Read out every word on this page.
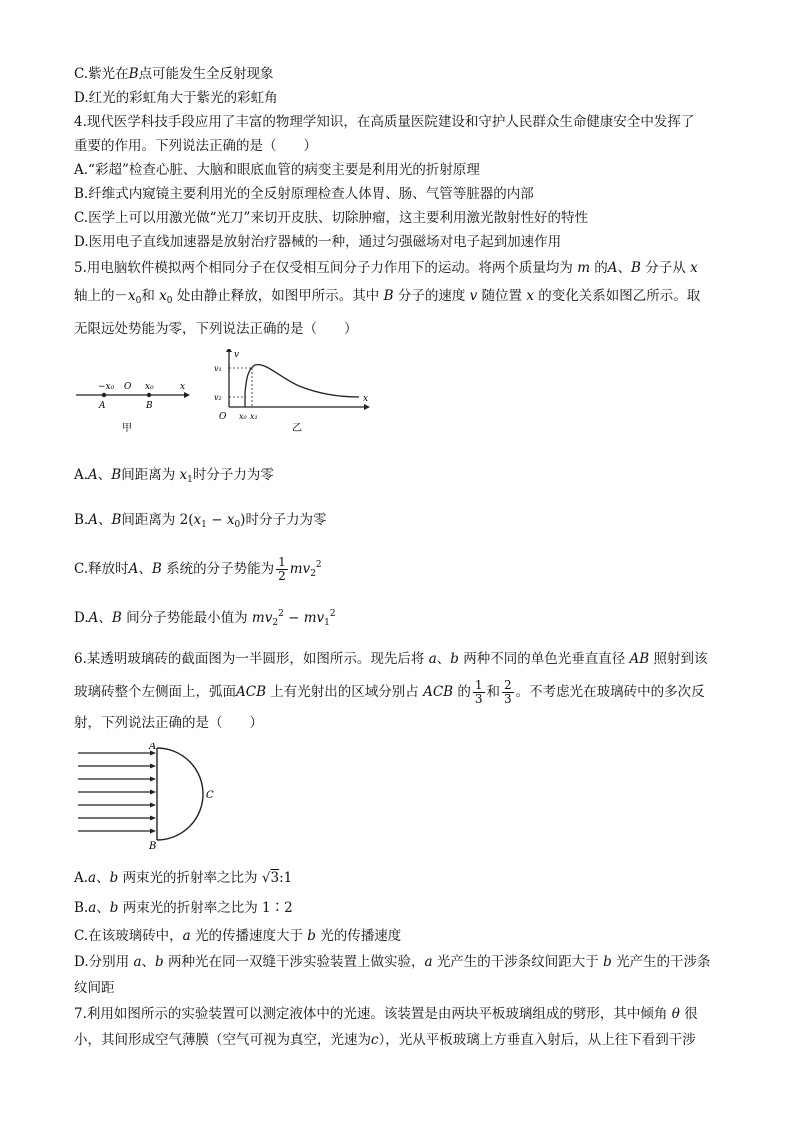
C.紫光在B点可能发生全反射现象
D.红光的彩虹角大于紫光的彩虹角
4.现代医学科技手段应用了丰富的物理学知识，在高质量医院建设和守护人民群众生命健康安全中发挥了
重要的作用。下列说法正确的是（　　）
A.“彩超”检查心脏、大脑和眼底血管的病变主要是利用光的折射原理
B.纤维式内窥镜主要利用光的全反射原理检查人体胃、肠、气管等脏器的内部
C.医学上可以用激光做“光刀”来切开皮肤、切除肿瘤，这主要利用激光散射性好的特性
D.医用电子直线加速器是放射治疗器械的一种，通过匀强磁场对电子起到加速作用
5.用电脑软件模拟两个相同分子在仅受相互间分子力作用下的运动。将两个质量均为 m 的A、B 分子从 x
轴上的$-x_0$和 $x_0$ 处由静止释放，如图甲所示。其中 B 分子的速度 v 随位置 x 的变化关系如图乙所示。取
无限远处势能为零，下列说法正确的是（　　）
x
−x₀ O x₀
A	B
甲
v
x
O
v₁
v₂
x₀ x₁
乙
A.A、B间距离为 $x_1$时分子力为零
B.A、B间距离为 $2(x_1 - x_0)$时分子力为零
C.释放时A、B 系统的分子势能为 $\frac{1}{2} mv_2^2$
D.A、B 间分子势能最小值为 $mv_2^2 - mv_1^2$
6.某透明玻璃砖的截面图为一半圆形，如图所示。现先后将 a、b 两种不同的单色光垂直直径 AB 照射到该
玻璃砖整个左侧面上，弧面ACB 上有光射出的区域分别占 ACB 的 $\frac{1}{3}$ 和 $\frac{2}{3}$ 。不考虑光在玻璃砖中的多次反
射，下列说法正确的是（　　）
A
B
C
A.a、b 两束光的折射率之比为 √3:1
B.a、b 两束光的折射率之比为 1∶2
C.在该玻璃砖中，a 光的传播速度大于 b 光的传播速度
D.分别用 a、b 两种光在同一双缝干涉实验装置上做实验，a 光产生的干涉条纹间距大于 b 光产生的干涉条
纹间距
7.利用如图所示的实验装置可以测定液体中的光速。该装置是由两块平板玻璃组成的劈形，其中倾角 θ 很
小，其间形成空气薄膜（空气可视为真空，光速为c），光从平板玻璃上方垂直入射后，从上往下看到干涉
